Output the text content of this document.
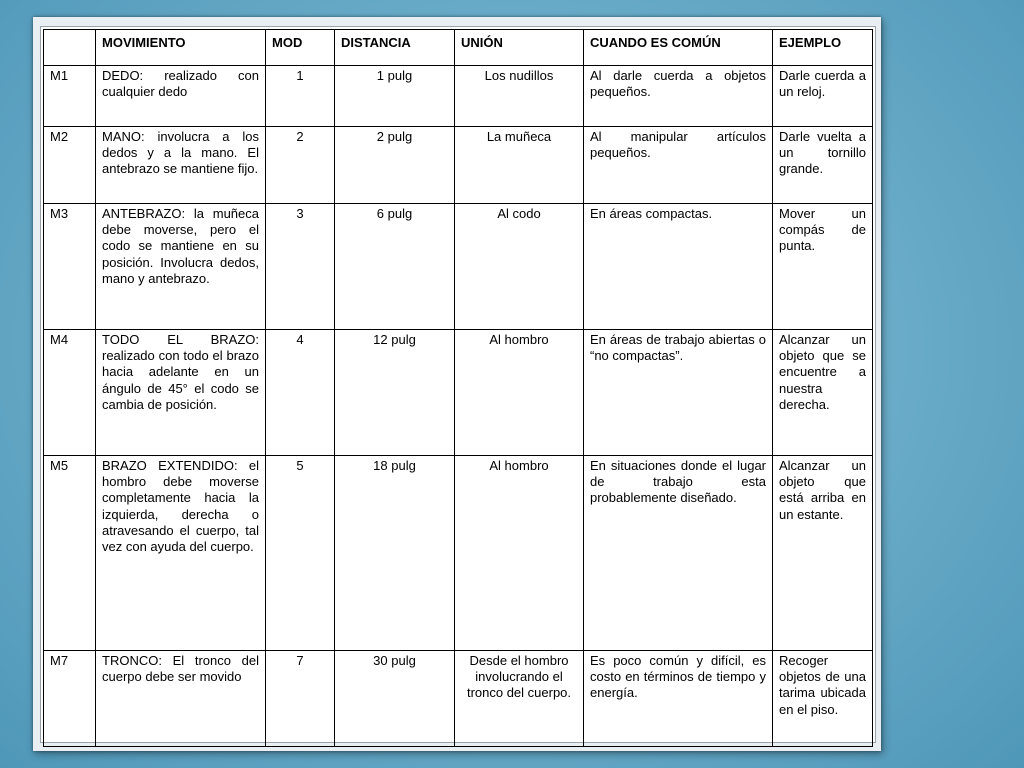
	MOVIMIENTO	MOD	DISTANCIA	UNIÓN	CUANDO ES COMÚN	EJEMPLO
M1	DEDO: realizado con cualquier dedo	1	1 pulg	Los nudillos	Al darle cuerda a objetos pequeños.	Darle cuerda a un reloj.
M2	MANO: involucra a los dedos y a la mano. El antebrazo se mantiene fijo.	2	2 pulg	La muñeca	Al manipular artículos pequeños.	Darle vuelta a un tornillo grande.
M3	ANTEBRAZO: la muñeca debe moverse, pero el codo se mantiene en su posición. Involucra dedos, mano y antebrazo.	3	6 pulg	Al codo	En áreas compactas.	Mover un compás de punta.
M4	TODO EL BRAZO: realizado con todo el brazo hacia adelante en un ángulo de 45° el codo se cambia de posición.	4	12 pulg	Al hombro	En áreas de trabajo abiertas o “no compactas”.	Alcanzar un objeto que se encuentre a nuestra derecha.
M5	BRAZO EXTENDIDO: el hombro debe moverse completamente hacia la izquierda, derecha o atravesando el cuerpo, tal vez con ayuda del cuerpo.	5	18 pulg	Al hombro	En situaciones donde el lugar de trabajo esta probablemente diseñado.	Alcanzar un objeto que está arriba en un estante.
M7	TRONCO: El tronco del cuerpo debe ser movido	7	30 pulg	Desde el hombro involucrando el tronco del cuerpo.	Es poco común y difícil, es costo en términos de tiempo y energía.	Recoger objetos de una tarima ubicada en el piso.
